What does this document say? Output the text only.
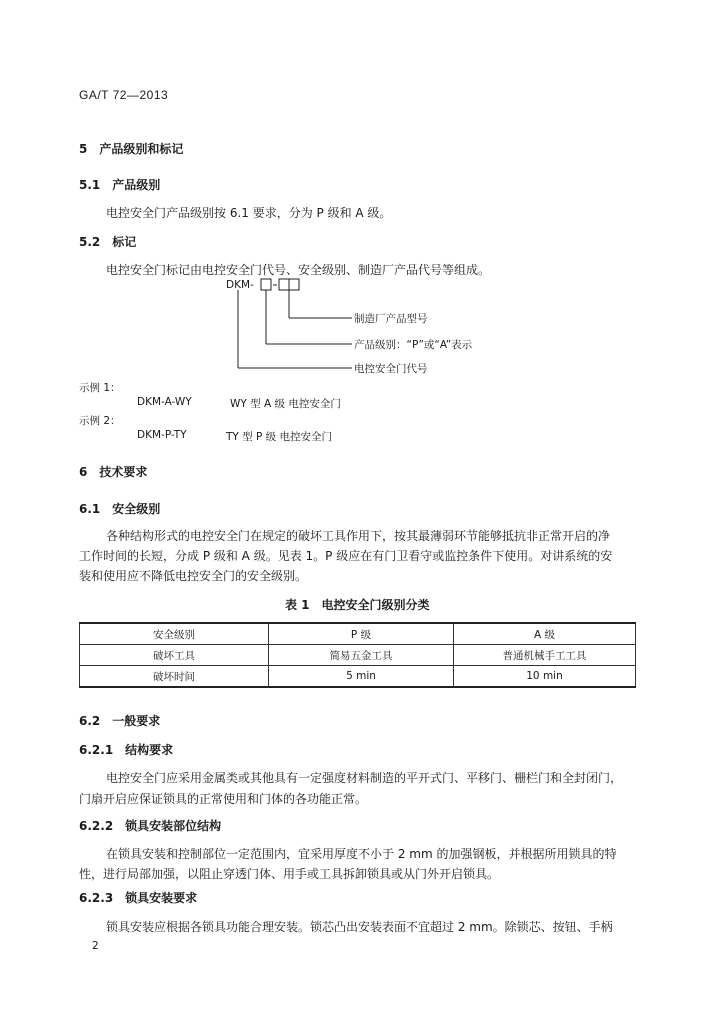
GA/T 72—2013
5　产品级别和标记
5.1　产品级别
电控安全门产品级别按 6.1 要求，分为 P 级和 A 级。
5.2　标记
电控安全门标记由电控安全门代号、安全级别、制造厂产品代号等组成。
DKM-
制造厂产品型号
产品级别：“P”或“A”表示
电控安全门代号
示例 1：
DKM-A-WY	WY 型 A 级 电控安全门
示例 2：
DKM-P-TY	TY 型 P 级 电控安全门
6　技术要求
6.1　安全级别
各种结构形式的电控安全门在规定的破坏工具作用下，按其最薄弱环节能够抵抗非正常开启的净
工作时间的长短，分成 P 级和 A 级。见表 1。P 级应在有门卫看守或监控条件下使用。对讲系统的安
装和使用应不降低电控安全门的安全级别。
表 1　电控安全门级别分类
安全级别	P 级	A 级
破坏工具	简易五金工具	普通机械手工工具
破坏时间	5 min	10 min
6.2　一般要求
6.2.1　结构要求
电控安全门应采用金属类或其他具有一定强度材料制造的平开式门、平移门、栅栏门和全封闭门，
门扇开启应保证锁具的正常使用和门体的各功能正常。
6.2.2　锁具安装部位结构
在锁具安装和控制部位一定范围内，宜采用厚度不小于 2 mm 的加强钢板，并根据所用锁具的特
性，进行局部加强，以阻止穿透门体、用手或工具拆卸锁具或从门外开启锁具。
6.2.3　锁具安装要求
锁具安装应根据各锁具功能合理安装。锁芯凸出安装表面不宜超过 2 mm。除锁芯、按钮、手柄
2
